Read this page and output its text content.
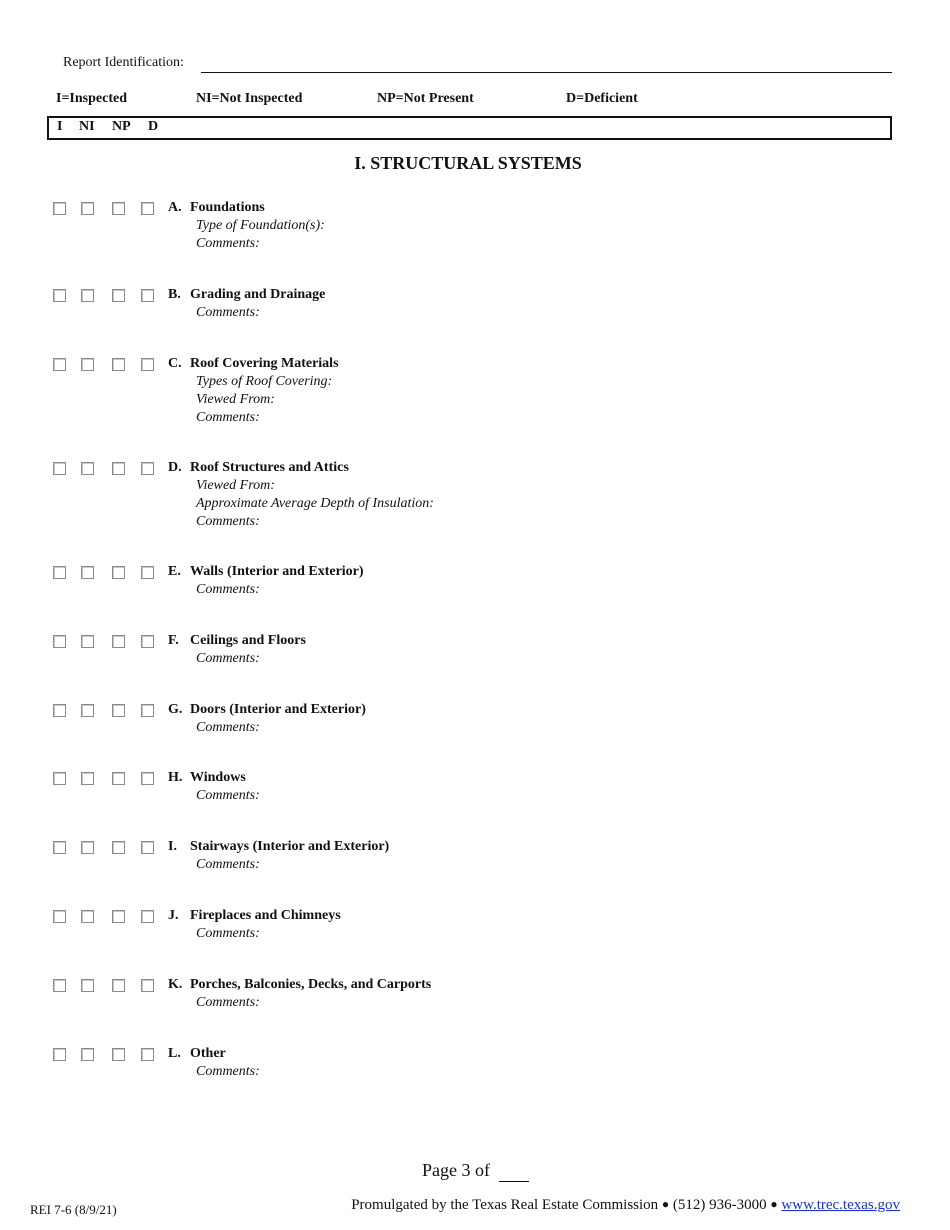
Report Identification:
I=Inspected	NI=Not Inspected	NP=Not Present	D=Deficient
I NI NP D
I. STRUCTURAL SYSTEMS
A. Foundations
Type of Foundation(s):
Comments:
B. Grading and Drainage
Comments:
C. Roof Covering Materials
Types of Roof Covering:
Viewed From:
Comments:
D. Roof Structures and Attics
Viewed From:
Approximate Average Depth of Insulation:
Comments:
E. Walls (Interior and Exterior)
Comments:
F. Ceilings and Floors
Comments:
G. Doors (Interior and Exterior)
Comments:
H. Windows
Comments:
I. Stairways (Interior and Exterior)
Comments:
J. Fireplaces and Chimneys
Comments:
K. Porches, Balconies, Decks, and Carports
Comments:
L. Other
Comments:
Page 3 of
REI 7-6 (8/9/21)	Promulgated by the Texas Real Estate Commission ● (512) 936-3000 ● www.trec.texas.gov
